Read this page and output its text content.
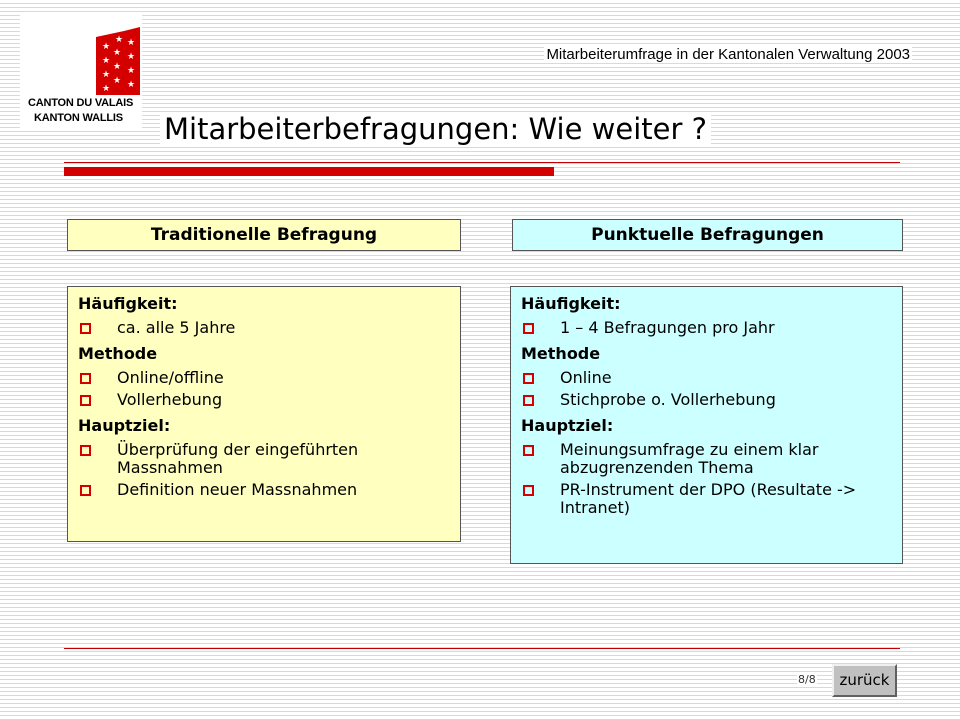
★
★
★
★
★
★
★
★
★
★
★
★
CANTON DU VALAIS
KANTON WALLIS
Mitarbeiterumfrage in der Kantonalen Verwaltung 2003
Mitarbeiterbefragungen: Wie weiter ?
Traditionelle Befragung	Punktuelle Befragungen
Häufigkeit:
ca. alle 5 Jahre
Methode
Online/offline
Vollerhebung
Hauptziel:
Überprüfung der eingeführten Massnahmen
Definition neuer Massnahmen
Häufigkeit:
1 – 4 Befragungen pro Jahr
Methode
Online
Stichprobe o. Vollerhebung
Hauptziel:
Meinungsumfrage zu einem klar abzugrenzenden Thema
PR-Instrument der DPO (Resultate -> Intranet)
8/8	zurück
